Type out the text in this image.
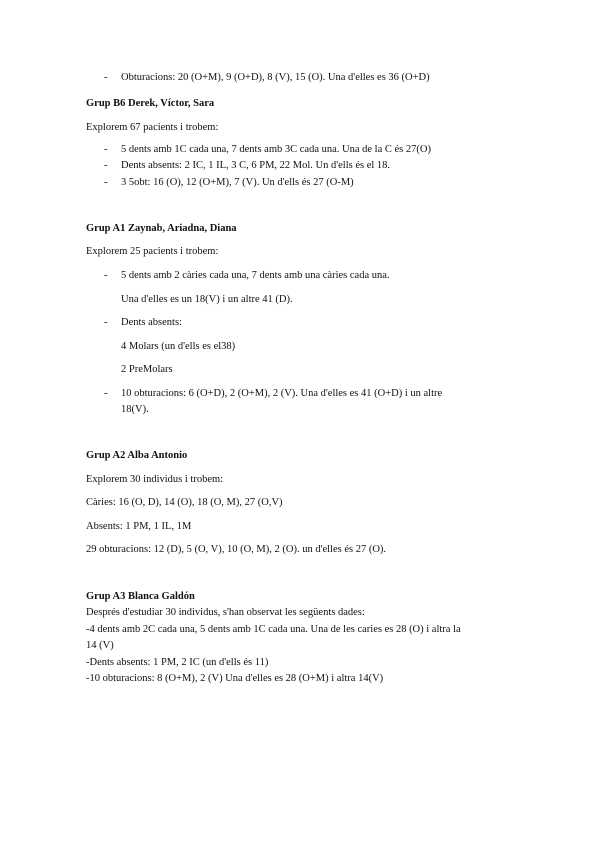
- Obturacions: 20 (O+M), 9 (O+D), 8 (V), 15 (O). Una d'elles es 36 (O+D)
Grup B6 Derek, Víctor, Sara
Explorem 67 pacients i trobem:
- 5 dents amb 1C cada una, 7 dents amb 3C cada una. Una de la C és 27(O)
- Dents absents: 2 IC, 1 IL, 3 C, 6 PM, 22 Mol. Un d'ells és el 18.
- 3 5obt: 16 (O), 12 (O+M), 7 (V). Un d'ells és 27 (O-M)
Grup A1 Zaynab, Ariadna, Diana
Explorem 25 pacients i trobem:
- 5 dents amb 2 càries cada una, 7 dents amb una càries cada una.
Una d'elles es un 18(V) i un altre 41 (D).
- Dents absents:
4 Molars (un d'ells es el38)
2 PreMolars
- 10 obturacions: 6 (O+D), 2 (O+M), 2 (V). Una d'elles es 41 (O+D) i un altre
18(V).
Grup A2 Alba Antonio
Explorem 30 individus i trobem:
Càries: 16 (O, D), 14 (O), 18 (O, M), 27 (O,V)
Absents: 1 PM, 1 IL, 1M
29 obturacions: 12 (D), 5 (O, V), 10 (O, M), 2 (O). un d'elles és 27 (O).
Grup A3 Blanca Galdón
Després d'estudiar 30 individus, s'han observat les següents dades:
-4 dents amb 2C cada una, 5 dents amb 1C cada una. Una de les caries es 28 (O) i altra la
14 (V)
-Dents absents: 1 PM, 2 IC (un d'ells és 11)
-10 obturacions: 8 (O+M), 2 (V) Una d'elles es 28 (O+M) i altra 14(V)
